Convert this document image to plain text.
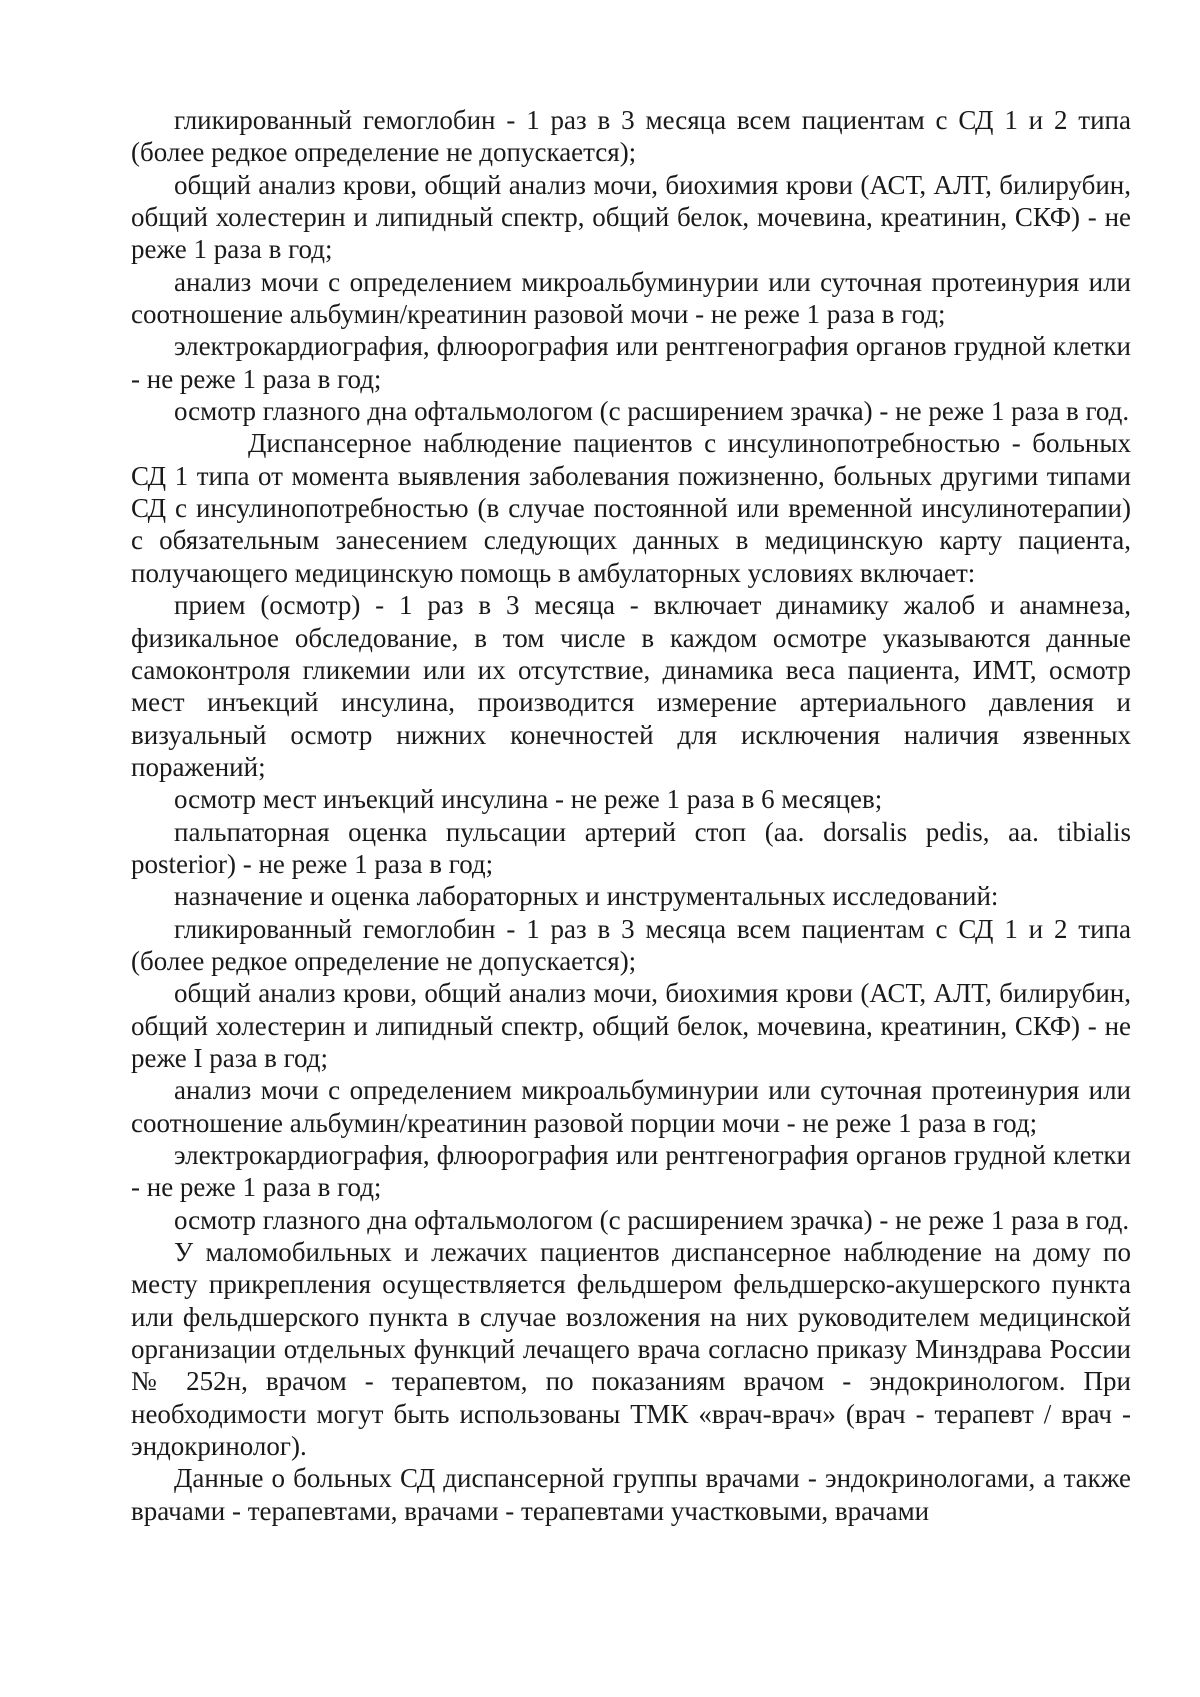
гликированный гемоглобин - 1 раз в 3 месяца всем пациентам с СД 1 и 2 типа (более редкое определение не допускается);

общий анализ крови, общий анализ мочи, биохимия крови (АСТ, АЛТ, билирубин, общий холестерин и липидный спектр, общий белок, мочевина, креатинин, СКФ) - не реже 1 раза в год;

анализ мочи с определением микроальбуминурии или суточная протеинурия или соотношение альбумин/креатинин разовой мочи - не реже 1 раза в год;

электрокардиография, флюорография или рентгенография органов грудной клетки - не реже 1 раза в год;

осмотр глазного дна офтальмологом (с расширением зрачка) - не реже 1 раза в год.

Диспансерное наблюдение пациентов с инсулинопотребностью - больных СД 1 типа от момента выявления заболевания пожизненно, больных другими типами СД с инсулинопотребностью (в случае постоянной или временной инсулинотерапии) с обязательным занесением следующих данных в медицинскую карту пациента, получающего медицинскую помощь в амбулаторных условиях включает:

прием (осмотр) - 1 раз в 3 месяца - включает динамику жалоб и анамнеза, физикальное обследование, в том числе в каждом осмотре указываются данные самоконтроля гликемии или их отсутствие, динамика веса пациента, ИМТ, осмотр мест инъекций инсулина, производится измерение артериального давления и визуальный осмотр нижних конечностей для исключения наличия язвенных поражений;

осмотр мест инъекций инсулина - не реже 1 раза в 6 месяцев;

пальпаторная оценка пульсации артерий стоп (аа. dorsalis pedis, аа. tibialis posterior) - не реже 1 раза в год;

назначение и оценка лабораторных и инструментальных исследований:

гликированный гемоглобин - 1 раз в 3 месяца всем пациентам с СД 1 и 2 типа (более редкое определение не допускается);

общий анализ крови, общий анализ мочи, биохимия крови (АСТ, АЛТ, билирубин, общий холестерин и липидный спектр, общий белок, мочевина, креатинин, СКФ) - не реже I раза в год;

анализ мочи с определением микроальбуминурии или суточная протеинурия или соотношение альбумин/креатинин разовой порции мочи - не реже 1 раза в год;

электрокардиография, флюорография или рентгенография органов грудной клетки - не реже 1 раза в год;

осмотр глазного дна офтальмологом (с расширением зрачка) - не реже 1 раза в год.

У маломобильных и лежачих пациентов диспансерное наблюдение на дому по месту прикрепления осуществляется фельдшером фельдшерско-акушерского пункта или фельдшерского пункта в случае возложения на них руководителем медицинской организации отдельных функций лечащего врача согласно приказу Минздрава России № 252н, врачом - терапевтом, по показаниям врачом - эндокринологом. При необходимости могут быть использованы ТМК «врач-врач» (врач - терапевт / врач - эндокринолог).

Данные о больных СД диспансерной группы врачами - эндокринологами, а также врачами - терапевтами, врачами - терапевтами участковыми, врачами
